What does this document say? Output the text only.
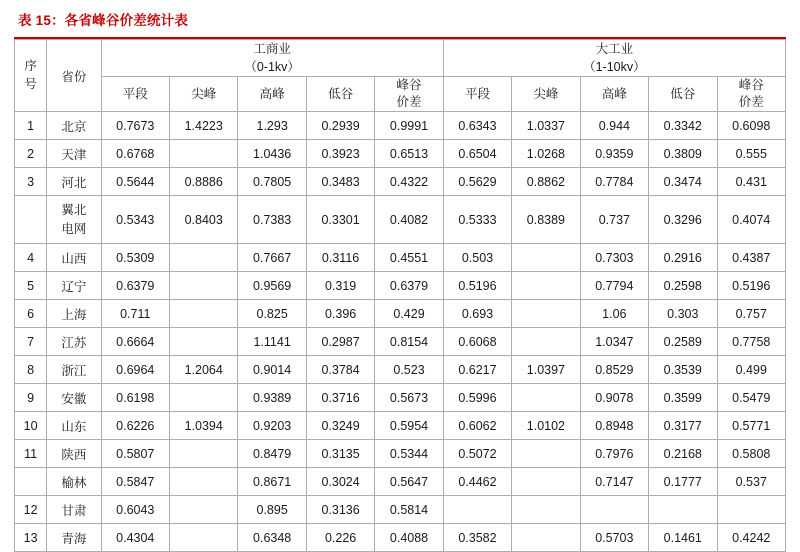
表 15：各省峰谷价差统计表
序
号	省份

工商业
（0-1kv）

大工业
（1-10kv）

平段	尖峰	高峰	低谷

峰谷
价差

平段	尖峰	高峰	低谷

峰谷
价差

1	北京	0.7673	1.4223	1.293	0.2939	0.9991	0.6343	1.0337	0.944	0.3342	0.6098
2	天津	0.6768		1.0436	0.3923	0.6513	0.6504	1.0268	0.9359	0.3809	0.555
3	河北	0.5644	0.8886	0.7805	0.3483	0.4322	0.5629	0.8862	0.7784	0.3474	0.431

	翼北
电网	0.5343	0.8403	0.7383	0.3301	0.4082	0.5333	0.8389	0.737	0.3296	0.4074
4	山西	0.5309		0.7667	0.3116	0.4551	0.503		0.7303	0.2916	0.4387
5	辽宁	0.6379		0.9569	0.319	0.6379	0.5196		0.7794	0.2598	0.5196
6	上海	0.711		0.825	0.396	0.429	0.693		1.06	0.303	0.757
7	江苏	0.6664		1.1141	0.2987	0.8154	0.6068		1.0347	0.2589	0.7758
8	浙江	0.6964	1.2064	0.9014	0.3784	0.523	0.6217	1.0397	0.8529	0.3539	0.499
9	安徽	0.6198		0.9389	0.3716	0.5673	0.5996		0.9078	0.3599	0.5479
10	山东	0.6226	1.0394	0.9203	0.3249	0.5954	0.6062	1.0102	0.8948	0.3177	0.5771
11	陕西	0.5807		0.8479	0.3135	0.5344	0.5072		0.7976	0.2168	0.5808
	榆林	0.5847		0.8671	0.3024	0.5647	0.4462		0.7147	0.1777	0.537
12	甘肃	0.6043		0.895	0.3136	0.5814					
13	青海	0.4304		0.6348	0.226	0.4088	0.3582		0.5703	0.1461	0.4242
